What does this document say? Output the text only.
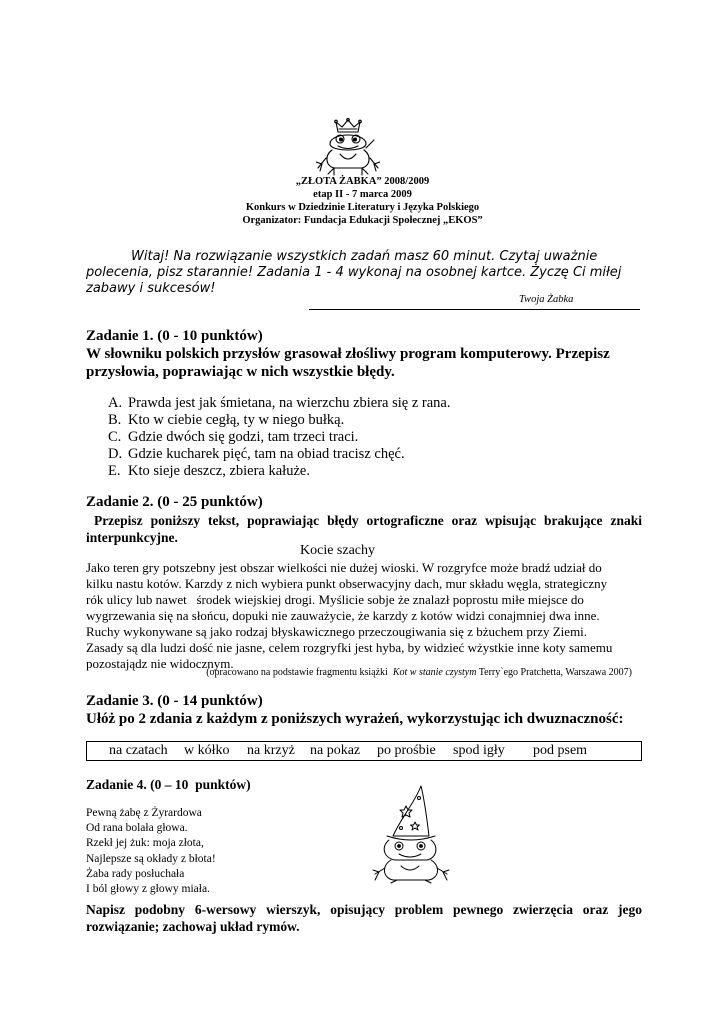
„ZŁOTA ŻABKA” 2008/2009
etap II - 7 marca 2009
Konkurs w Dziedzinie Literatury i Języka Polskiego
Organizator: Fundacja Edukacji Społecznej „EKOS”

Witaj! Na rozwiązanie wszystkich zadań masz 60 minut. Czytaj uważnie

polecenia, pisz starannie! Zadania 1 - 4 wykonaj na osobnej kartce. Życzę Ci miłej

zabawy i sukcesów!

Twoja Żabka
Zadanie 1. (0 - 10 punktów)
W słowniku polskich przysłów grasował złośliwy program komputerowy. Przepisz
przysłowia, poprawiając w nich wszystkie błędy.
A. Prawda jest jak śmietana, na wierzchu zbiera się z rana.
B. Kto w ciebie cegłą, ty w niego bułką.
C. Gdzie dwóch się godzi, tam trzeci traci.
D. Gdzie kucharek pięć, tam na obiad tracisz chęć.
E. Kto sieje deszcz, zbiera kałuże.
Zadanie 2. (0 - 25 punktów)
Przepisz poniższy tekst, poprawiając błędy ortograficzne oraz wpisując brakujące znaki
interpunkcyjne.
Kocie szachy

Jako teren gry potszebny jest obszar wielkości nie dużej wioski. W rozgryfce może bradź udział do

kilku nastu kotów. Karzdy z nich wybiera punkt obserwacyjny dach, mur składu węgla, strategiczny

rók ulicy lub nawet   środek wiejskiej drogi. Myślicie sobje że znalazł poprostu miłe miejsce do

wygrzewania się na słońcu, dopuki nie zauważycie, że karzdy z kotów widzi conajmniej dwa inne.

Ruchy wykonywane są jako rodzaj błyskawicznego przeczougiwania się z bżuchem przy Ziemi.

Zasady są dla ludzi dość nie jasne, celem rozgryfki jest hyba, by widzieć wżystkie inne koty samemu

pozostajądz nie widocznym.

(opracowano na podstawie fragmentu książki  Kot w stanie czystym Terry`ego Pratchetta, Warszawa 2007)
Zadanie 3. (0 - 14 punktów)
Ułóż po 2 zdania z każdym z poniższych wyrażeń, wykorzystując ich dwuznaczność:
na czatach w kółko na krzyż na pokaz po prośbie spod igły pod psem
Zadanie 4. (0 – 10  punktów)
Pewną żabę z Żyrardowa
Od rana bolała głowa.
Rzekł jej żuk: moja złota,
Najlepsze są okłady z błota!
Żaba rady posłuchała
I ból głowy z głowy miała.
Napisz podobny 6-wersowy wierszyk, opisujący problem pewnego zwierzęcia oraz jego
rozwiązanie; zachowaj układ rymów.
